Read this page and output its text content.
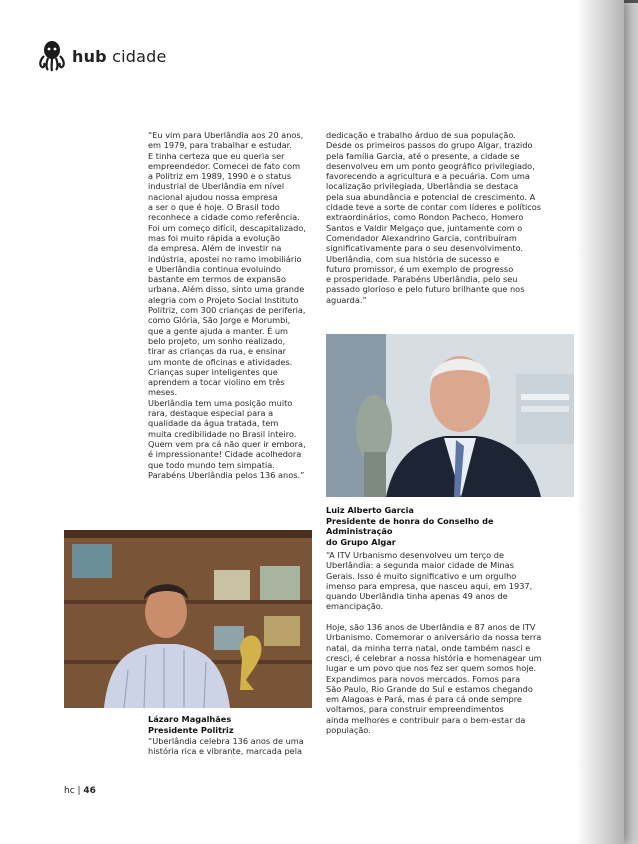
hub cidade
“Eu vim para Uberlândia aos 20 anos,
em 1979, para trabalhar e estudar.
E tinha certeza que eu queria ser
empreendedor. Comecei de fato com
a Politriz em 1989, 1990 e o status
industrial de Uberlândia em nível
nacional ajudou nossa empresa
a ser o que é hoje. O Brasil todo
reconhece a cidade como referência.
Foi um começo difícil, descapitalizado,
mas foi muito rápida a evolução
da empresa. Além de investir na
indústria, apostei no ramo imobiliário
e Uberlândia continua evoluindo
bastante em termos de expansão
urbana. Além disso, sinto uma grande
alegria com o Projeto Social Instituto
Politriz, com 300 crianças de periferia,
como Glória, São Jorge e Morumbi,
que a gente ajuda a manter. É um
belo projeto, um sonho realizado,
tirar as crianças da rua, e ensinar
um monte de oficinas e atividades.
Crianças super inteligentes que
aprendem a tocar violino em três
meses.
Uberlândia tem uma posição muito
rara, destaque especial para a
qualidade da água tratada, tem
muita credibilidade no Brasil inteiro.
Quem vem pra cá não quer ir embora,
é impressionante! Cidade acolhedora
que todo mundo tem simpatia.
Parabéns Uberlândia pelos 136 anos.”
dedicação e trabalho árduo de sua população.
Desde os primeiros passos do grupo Algar, trazido
pela família Garcia, até o presente, a cidade se
desenvolveu em um ponto geográfico privilegiado,
favorecendo a agricultura e a pecuária. Com uma
localização privilegiada, Uberlândia se destaca
pela sua abundância e potencial de crescimento. A
cidade teve a sorte de contar com líderes e políticos
extraordinários, como Rondon Pacheco, Homero
Santos e Valdir Melgaço que, juntamente com o
Comendador Alexandrino Garcia, contribuíram
significativamente para o seu desenvolvimento.
Uberlândia, com sua história de sucesso e
futuro promissor, é um exemplo de progresso
e prosperidade. Parabéns Uberlândia, pelo seu
passado glorioso e pelo futuro brilhante que nos
aguarda.”
Luiz Alberto Garcia
Presidente de honra do Conselho de Administração
do Grupo Algar
“A ITV Urbanismo desenvolveu um terço de
Uberlândia: a segunda maior cidade de Minas
Gerais. Isso é muito significativo e um orgulho
imenso para empresa, que nasceu aqui, em 1937,
quando Uberlândia tinha apenas 49 anos de
emancipação.

Hoje, são 136 anos de Uberlândia e 87 anos de ITV
Urbanismo. Comemorar o aniversário da nossa terra
natal, da minha terra natal, onde também nasci e
cresci, é celebrar a nossa história e homenagear um
lugar e um povo que nos fez ser quem somos hoje.
Expandimos para novos mercados. Fomos para
São Paulo, Rio Grande do Sul e estamos chegando
em Alagoas e Pará, mas é para cá onde sempre
voltamos, para construir empreendimentos
ainda melhores e contribuir para o bem-estar da
população.
Lázaro Magalhães
Presidente Politriz
“Uberlândia celebra 136 anos de uma
história rica e vibrante, marcada pela
hc | 46
